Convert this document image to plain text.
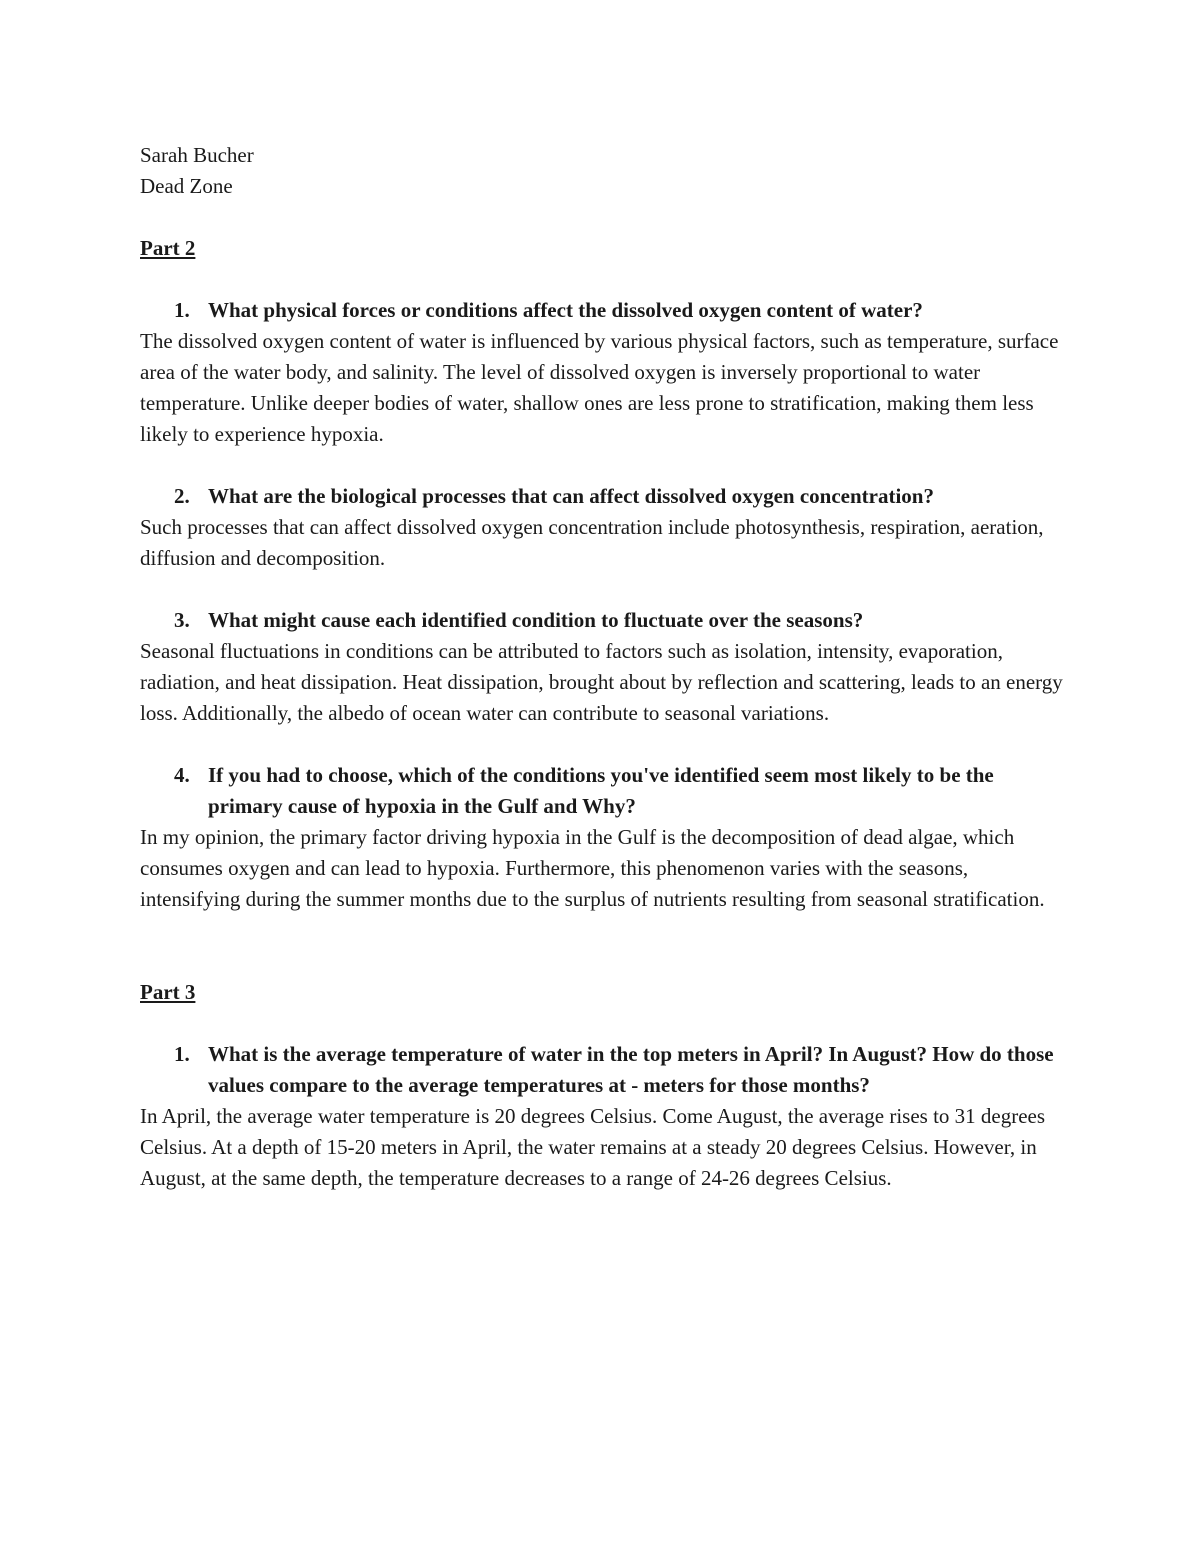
Sarah Bucher

Dead Zone

Part 2

1. What physical forces or conditions affect the dissolved oxygen content of water?

The dissolved oxygen content of water is influenced by various physical factors, such as temperature, surface area of the water body, and salinity. The level of dissolved oxygen is inversely proportional to water temperature. Unlike deeper bodies of water, shallow ones are less prone to stratification, making them less likely to experience hypoxia.

2. What are the biological processes that can affect dissolved oxygen concentration?

Such processes that can affect dissolved oxygen concentration include photosynthesis, respiration, aeration, diffusion and decomposition.

3. What might cause each identified condition to fluctuate over the seasons?

Seasonal fluctuations in conditions can be attributed to factors such as isolation, intensity, evaporation, radiation, and heat dissipation. Heat dissipation, brought about by reflection and scattering, leads to an energy loss. Additionally, the albedo of ocean water can contribute to seasonal variations.

4. If you had to choose, which of the conditions you've identified seem most likely to be the primary cause of hypoxia in the Gulf and Why?

In my opinion, the primary factor driving hypoxia in the Gulf is the decomposition of dead algae, which consumes oxygen and can lead to hypoxia. Furthermore, this phenomenon varies with the seasons, intensifying during the summer months due to the surplus of nutrients resulting from seasonal stratification.

Part 3

1. What is the average temperature of water in the top meters in April? In August? How do those values compare to the average temperatures at - meters for those months?

In April, the average water temperature is 20 degrees Celsius. Come August, the average rises to 31 degrees Celsius. At a depth of 15-20 meters in April, the water remains at a steady 20 degrees Celsius. However, in August, at the same depth, the temperature decreases to a range of 24-26 degrees Celsius.
